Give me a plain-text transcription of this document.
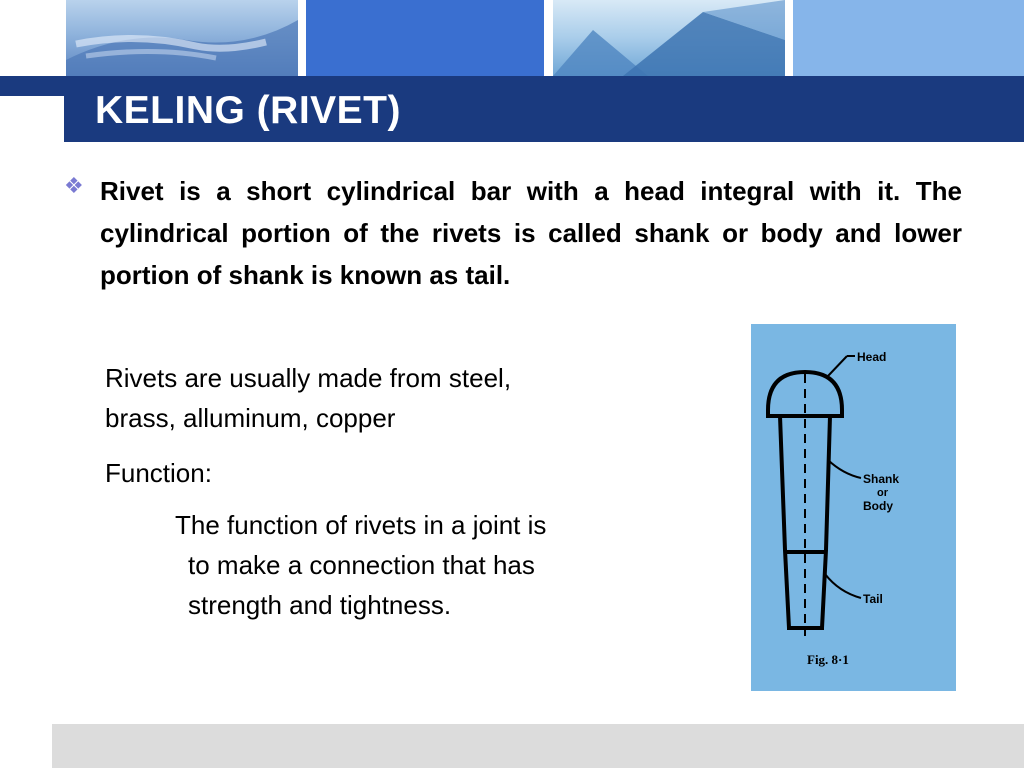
KELING (RIVET)
❖ Rivet is a short cylindrical bar with a head integral with it. The cylindrical portion of the rivets is called shank or body and lower portion of shank is known as tail.
Rivets are usually made from steel,
brass, alluminum, copper
Function:
The function of rivets in a joint is
to make a connection that has
strength and tightness.
Head
Shank
or
Body
Tail
Fig. 8·1
